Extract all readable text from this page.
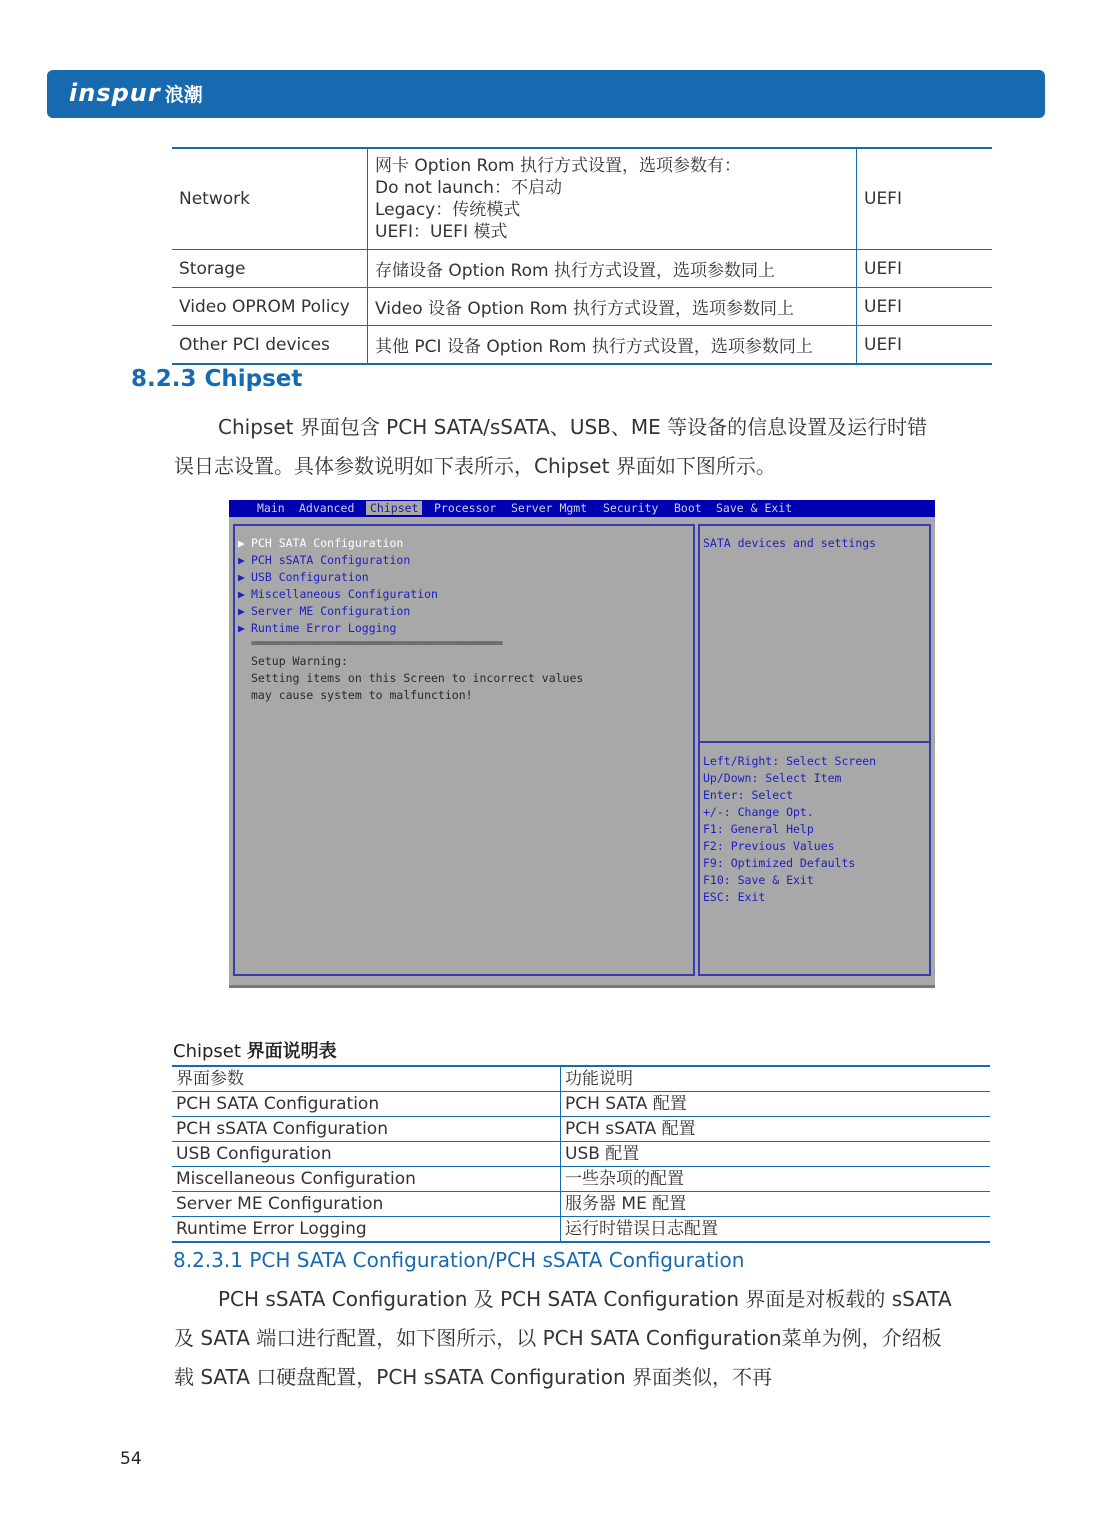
inspur 浪潮
Network	网卡 Option Rom 执行方式设置，选项参数有：
Do not launch：不启动
Legacy：传统模式
UEFI：UEFI 模式	UEFI
Storage	存储设备 Option Rom 执行方式设置，选项参数同上	UEFI
Video OPROM Policy	Video 设备 Option Rom 执行方式设置，选项参数同上	UEFI
Other PCI devices	其他 PCI 设备 Option Rom 执行方式设置，选项参数同上	UEFI
8.2.3 Chipset
Chipset 界面包含 PCH SATA/sSATA、USB、ME 等设备的信息设置及运行时错
误日志设置。具体参数说明如下表所示，Chipset 界面如下图所示。
Main Advanced	Chipset	Processor Server Mgmt Security Boot Save & Exit
▶ PCH SATA Configuration
▶ PCH sSATA Configuration
▶ USB Configuration
▶ Miscellaneous Configuration
▶ Server ME Configuration
▶ Runtime Error Logging
==================================================
Setup Warning:
Setting items on this Screen to incorrect values
may cause system to malfunction!
SATA devices and settings
Left/Right: Select Screen
Up/Down: Select Item
Enter: Select
+/-: Change Opt.
F1: General Help
F2: Previous Values
F9: Optimized Defaults
F10: Save & Exit
ESC: Exit
Chipset 界面说明表
界面参数	功能说明
PCH SATA Configuration	PCH SATA 配置
PCH sSATA Configuration	PCH sSATA 配置
USB Configuration	USB 配置
Miscellaneous Configuration	一些杂项的配置
Server ME Configuration	服务器 ME 配置
Runtime Error Logging	运行时错误日志配置
8.2.3.1 PCH SATA Configuration/PCH sSATA Configuration
PCH sSATA Configuration 及 PCH SATA Configuration 界面是对板载的 sSATA
及 SATA 端口进行配置，如下图所示，以 PCH SATA Configuration菜单为例，介绍板
载 SATA 口硬盘配置，PCH sSATA Configuration 界面类似，不再
54
